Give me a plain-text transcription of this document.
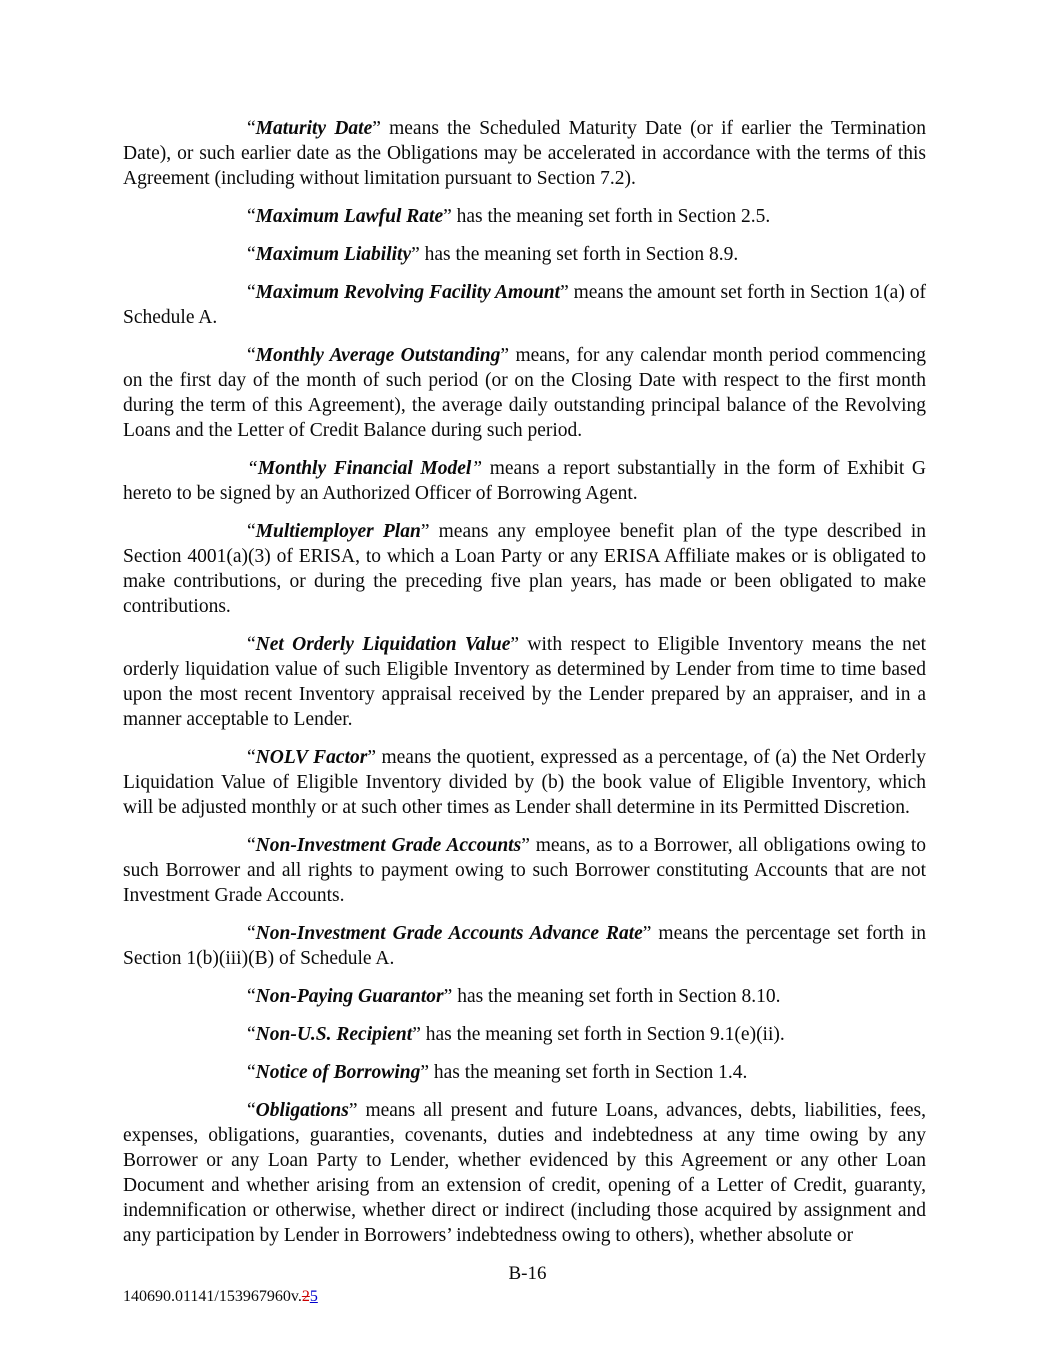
“Maturity Date” means the Scheduled Maturity Date (or if earlier the Termination Date), or such earlier date as the Obligations may be accelerated in accordance with the terms of this Agreement (including without limitation pursuant to Section 7.2).

“Maximum Lawful Rate” has the meaning set forth in Section 2.5.

“Maximum Liability” has the meaning set forth in Section 8.9.

“Maximum Revolving Facility Amount” means the amount set forth in Section 1(a) of Schedule A.

“Monthly Average Outstanding” means, for any calendar month period commencing on the first day of the month of such period (or on the Closing Date with respect to the first month during the term of this Agreement), the average daily outstanding principal balance of the Revolving Loans and the Letter of Credit Balance during such period.

“Monthly Financial Model” means a report substantially in the form of Exhibit G hereto to be signed by an Authorized Officer of Borrowing Agent.

“Multiemployer Plan” means any employee benefit plan of the type described in Section 4001(a)(3) of ERISA, to which a Loan Party or any ERISA Affiliate makes or is obligated to make contributions, or during the preceding five plan years, has made or been obligated to make contributions.

“Net Orderly Liquidation Value” with respect to Eligible Inventory means the net orderly liquidation value of such Eligible Inventory as determined by Lender from time to time based upon the most recent Inventory appraisal received by the Lender prepared by an appraiser, and in a manner acceptable to Lender.

“NOLV Factor” means the quotient, expressed as a percentage, of (a) the Net Orderly Liquidation Value of Eligible Inventory divided by (b) the book value of Eligible Inventory, which will be adjusted monthly or at such other times as Lender shall determine in its Permitted Discretion.

“Non-Investment Grade Accounts” means, as to a Borrower, all obligations owing to such Borrower and all rights to payment owing to such Borrower constituting Accounts that are not Investment Grade Accounts.

“Non-Investment Grade Accounts Advance Rate” means the percentage set forth in Section 1(b)(iii)(B) of Schedule A.

“Non-Paying Guarantor” has the meaning set forth in Section 8.10.

“Non-U.S. Recipient” has the meaning set forth in Section 9.1(e)(ii).

“Notice of Borrowing” has the meaning set forth in Section 1.4.

“Obligations” means all present and future Loans, advances, debts, liabilities, fees, expenses, obligations, guaranties, covenants, duties and indebtedness at any time owing by any Borrower or any Loan Party to Lender, whether evidenced by this Agreement or any other Loan Document and whether arising from an extension of credit, opening of a Letter of Credit, guaranty, indemnification or otherwise, whether direct or indirect (including those acquired by assignment and any participation by Lender in Borrowers’ indebtedness owing to others), whether absolute or

B-16
140690.01141/153967960v.25
